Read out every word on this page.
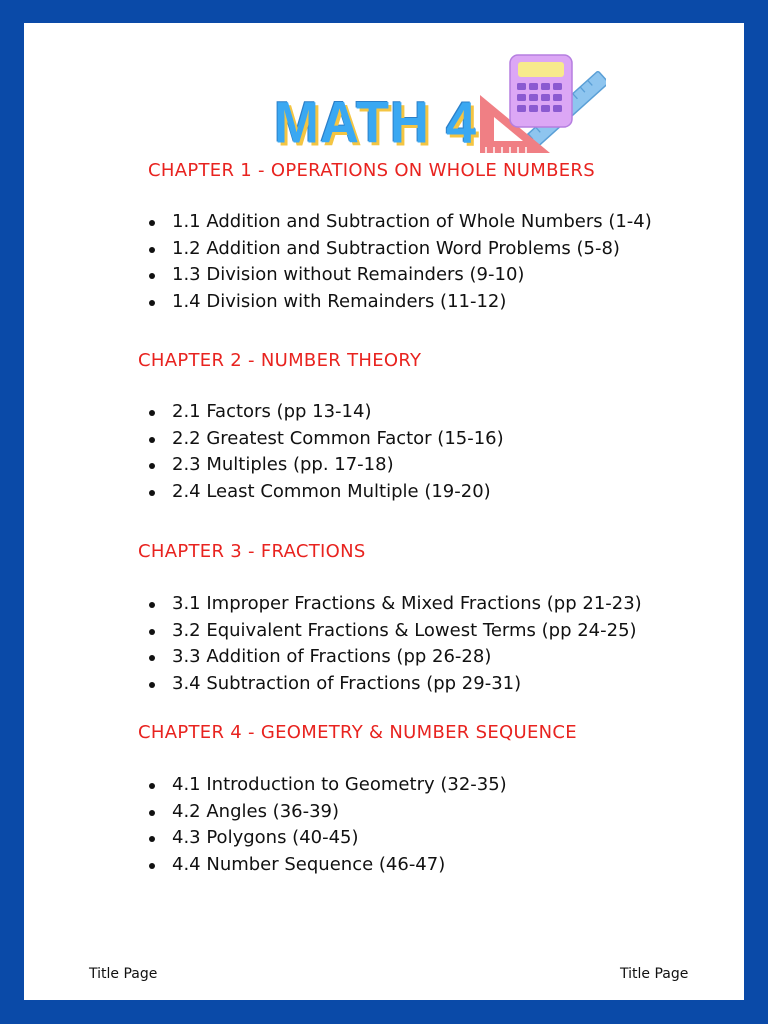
MATH 4
CHAPTER 1 - OPERATIONS ON WHOLE NUMBERS
1.1 Addition and Subtraction of Whole Numbers (1-4)
1.2 Addition and Subtraction Word Problems (5-8)
1.3 Division without Remainders (9-10)
1.4 Division with Remainders (11-12)
CHAPTER 2 - NUMBER THEORY
2.1 Factors (pp 13-14)
2.2 Greatest Common Factor (15-16)
2.3 Multiples (pp. 17-18)
2.4 Least Common Multiple (19-20)
CHAPTER 3 - FRACTIONS
3.1 Improper Fractions & Mixed Fractions (pp 21-23)
3.2 Equivalent Fractions & Lowest Terms (pp 24-25)
3.3 Addition of Fractions (pp 26-28)
3.4 Subtraction of Fractions (pp 29-31)
CHAPTER 4 - GEOMETRY & NUMBER SEQUENCE
4.1 Introduction to Geometry (32-35)
4.2 Angles (36-39)
4.3 Polygons (40-45)
4.4 Number Sequence (46-47)
Title Page	Title Page
